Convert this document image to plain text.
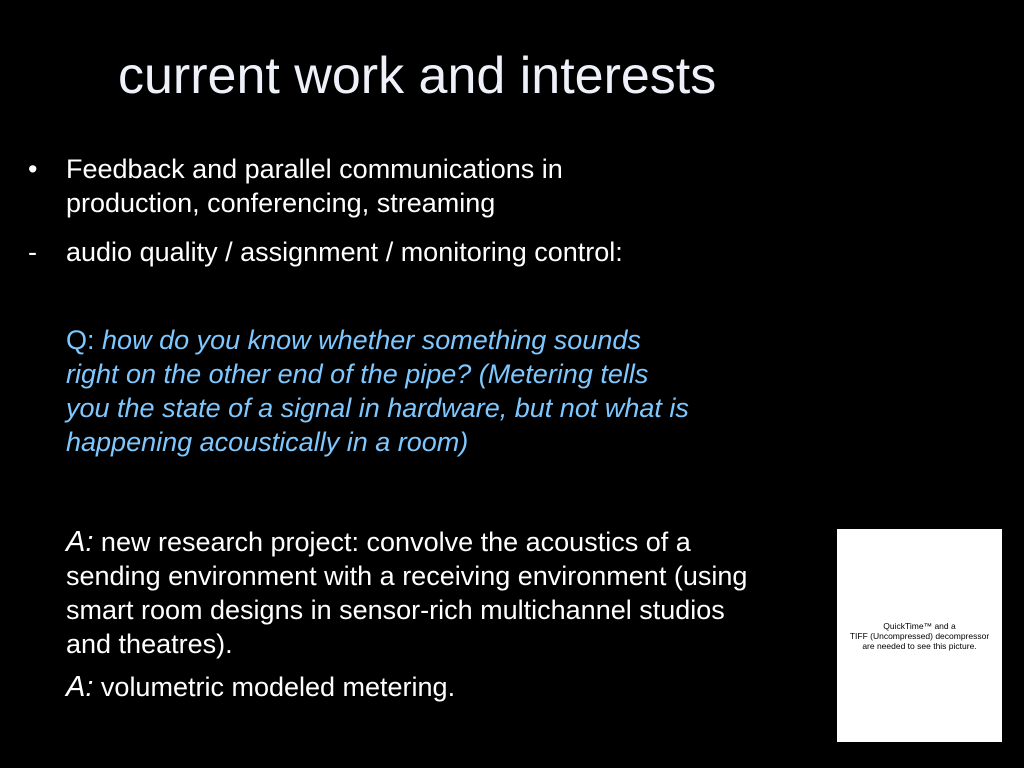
current work and interests
• Feedback and parallel communications in
production, conferencing, streaming
- audio quality / assignment / monitoring control:
Q: how do you know whether something sounds
right on the other end of the pipe? (Metering tells
you the state of a signal in hardware, but not what is
happening acoustically in a room)
A: new research project: convolve the acoustics of a
sending environment with a receiving environment (using
smart room designs in sensor-rich multichannel studios
and theatres).
A: volumetric modeled metering.
QuickTime™ and a
TIFF (Uncompressed) decompressor
are needed to see this picture.
